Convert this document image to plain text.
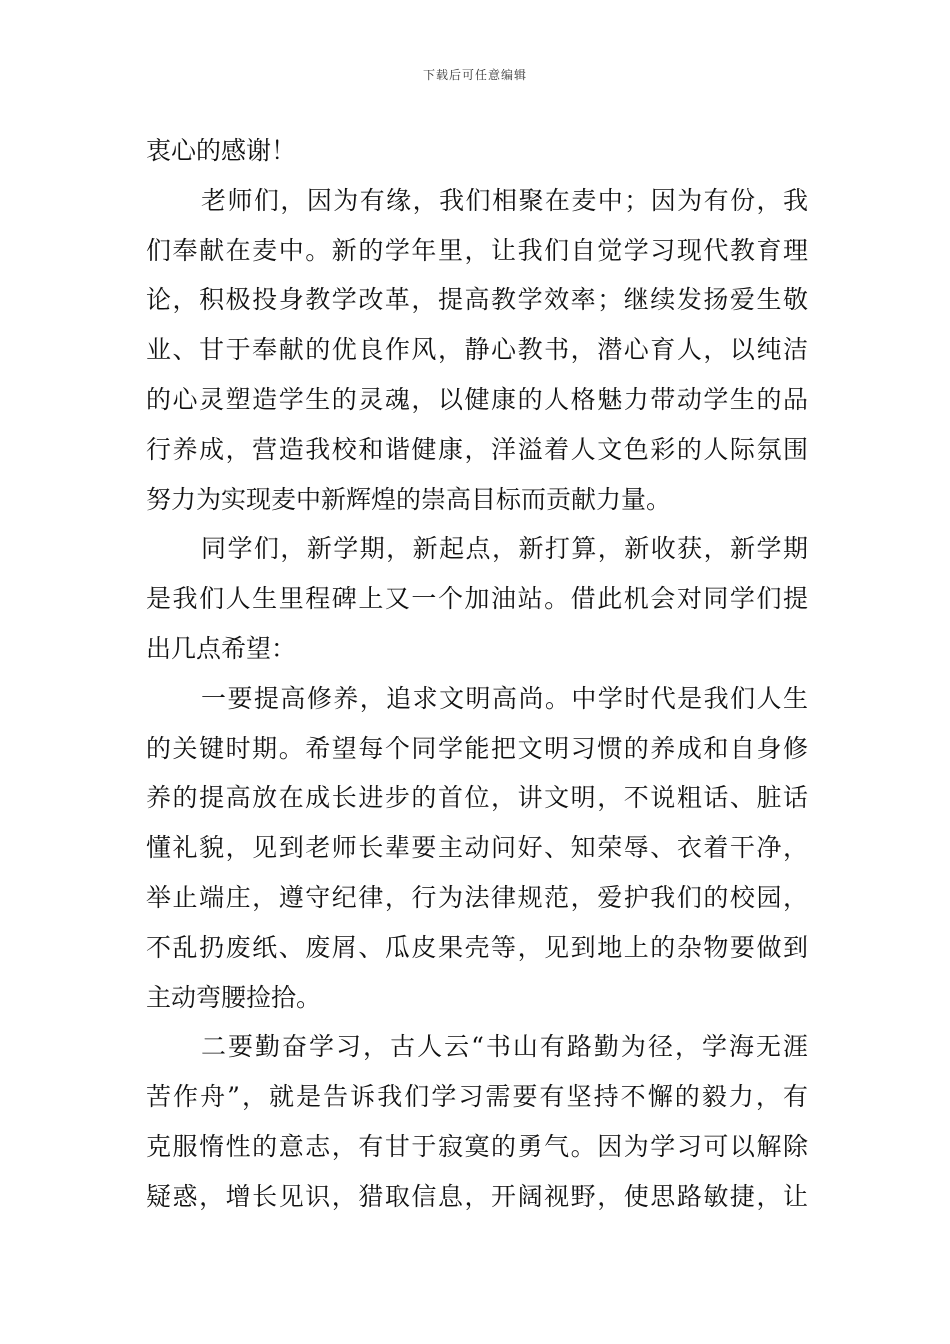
下载后可任意编辑
衷心的感谢！
老师们，因为有缘，我们相聚在麦中；因为有份，我
们奉献在麦中。新的学年里，让我们自觉学习现代教育理
论，积极投身教学改革，提高教学效率；继续发扬爱生敬
业、甘于奉献的优良作风，静心教书，潜心育人，以纯洁
的心灵塑造学生的灵魂，以健康的人格魅力带动学生的品
行养成，营造我校和谐健康，洋溢着人文色彩的人际氛围
努力为实现麦中新辉煌的崇高目标而贡献力量。
同学们，新学期，新起点，新打算，新收获，新学期
是我们人生里程碑上又一个加油站。借此机会对同学们提
出几点希望：
一要提高修养，追求文明高尚。中学时代是我们人生
的关键时期。希望每个同学能把文明习惯的养成和自身修
养的提高放在成长进步的首位，讲文明，不说粗话、脏话
懂礼貌，见到老师长辈要主动问好、知荣辱、衣着干净，
举止端庄，遵守纪律，行为法律规范，爱护我们的校园，
不乱扔废纸、废屑、瓜皮果壳等，见到地上的杂物要做到
主动弯腰捡拾。
二要勤奋学习，古人云“书山有路勤为径，学海无涯
苦作舟”，就是告诉我们学习需要有坚持不懈的毅力，有
克服惰性的意志，有甘于寂寞的勇气。因为学习可以解除
疑惑，增长见识，猎取信息，开阔视野，使思路敏捷，让
